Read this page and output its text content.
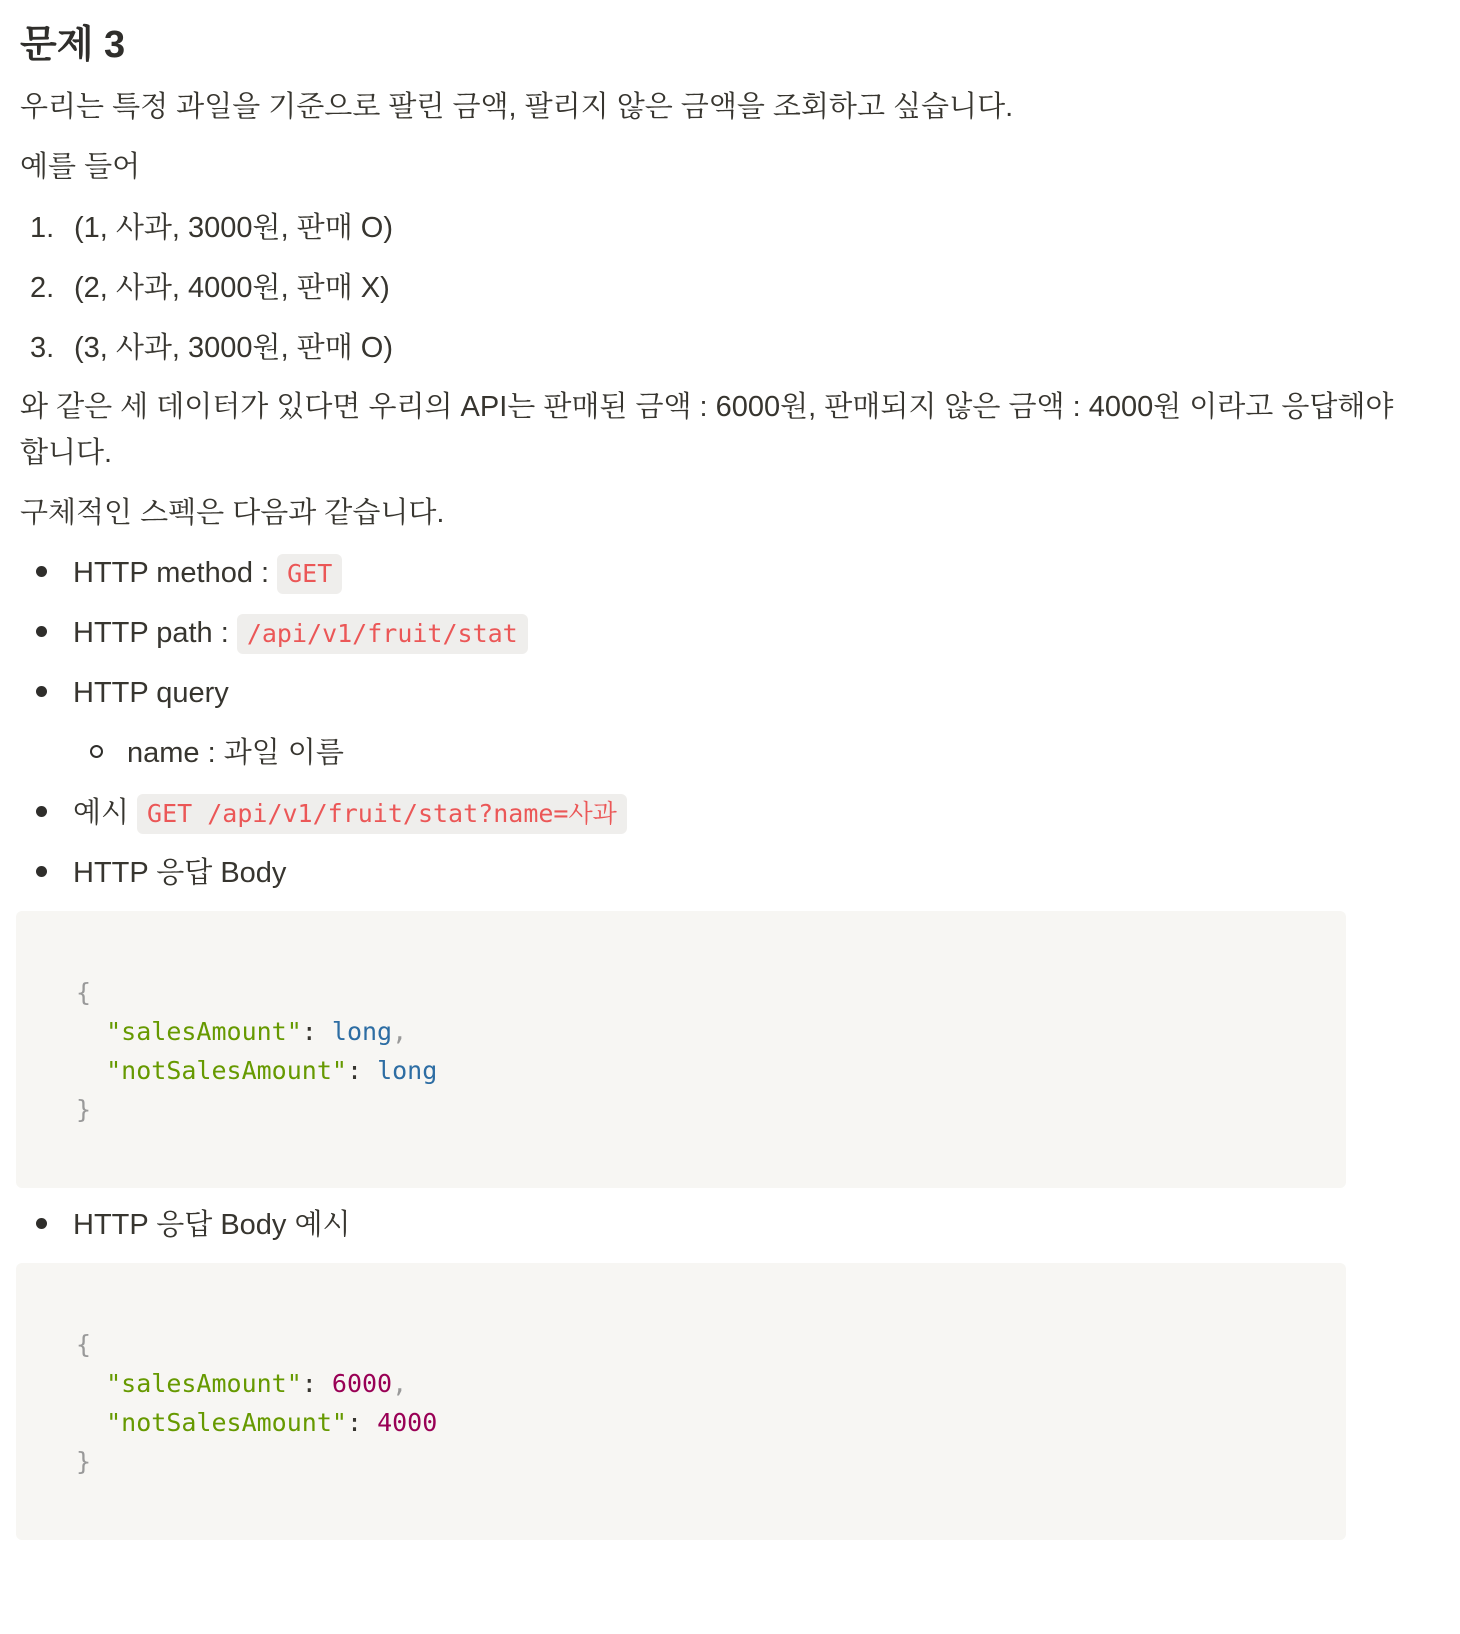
문제 3

우리는 특정 과일을 기준으로 팔린 금액, 팔리지 않은 금액을 조회하고 싶습니다.

예를 들어

1. (1, 사과, 3000원, 판매 O)
2. (2, 사과, 4000원, 판매 X)
3. (3, 사과, 3000원, 판매 O)

와 같은 세 데이터가 있다면 우리의 API는 판매된 금액 : 6000원, 판매되지 않은 금액 : 4000원 이라고 응답해야 합니다.

구체적인 스펙은 다음과 같습니다.

HTTP method : GET
HTTP path : /api/v1/fruit/stat
HTTP query
name : 과일 이름
예시 GET /api/v1/fruit/stat?name=사과
HTTP 응답 Body
{
"salesAmount": long,
"notSalesAmount": long
}
HTTP 응답 Body 예시
{
"salesAmount": 6000,
"notSalesAmount": 4000
}
